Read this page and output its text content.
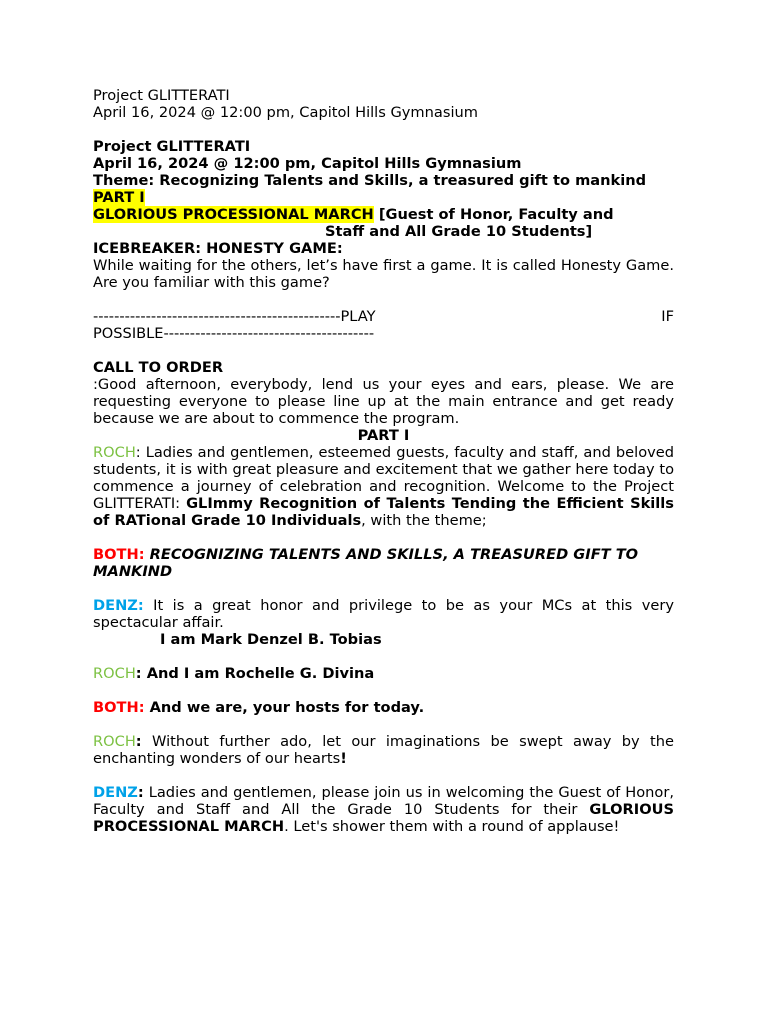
Project GLITTERATI

April 16, 2024 @ 12:00 pm, Capitol Hills Gymnasium

Project GLITTERATI

April 16, 2024 @ 12:00 pm, Capitol Hills Gymnasium

Theme: Recognizing Talents and Skills, a treasured gift to mankind

PART I

GLORIOUS PROCESSIONAL MARCH [Guest of Honor, Faculty and

Staff and All Grade 10 Students]

ICEBREAKER: HONESTY GAME:

While waiting for the others, let’s have first a game. It is called Honesty Game. Are you familiar with this game?

-----------------------------------------------PLAY	IF

POSSIBLE----------------------------------------

CALL TO ORDER

:Good afternoon, everybody, lend us your eyes and ears, please. We are requesting everyone to please line up at the main entrance and get ready because we are about to commence the program.

PART I

ROCH: Ladies and gentlemen, esteemed guests, faculty and staff, and beloved students, it is with great pleasure and excitement that we gather here today to commence a journey of celebration and recognition. Welcome to the Project GLITTERATI: GLImmy Recognition of Talents Tending the Efficient Skills of RATional Grade 10 Individuals, with the theme;

BOTH: RECOGNIZING TALENTS AND SKILLS, A TREASURED GIFT TO MANKIND

DENZ: It is a great honor and privilege to be as your MCs at this very spectacular affair.

I am Mark Denzel B. Tobias

ROCH: And I am Rochelle G. Divina

BOTH: And we are, your hosts for today.

ROCH: Without further ado, let our imaginations be swept away by the enchanting wonders of our hearts!

DENZ: Ladies and gentlemen, please join us in welcoming the Guest of Honor, Faculty and Staff and All the Grade 10 Students for their GLORIOUS PROCESSIONAL MARCH. Let's shower them with a round of applause!
